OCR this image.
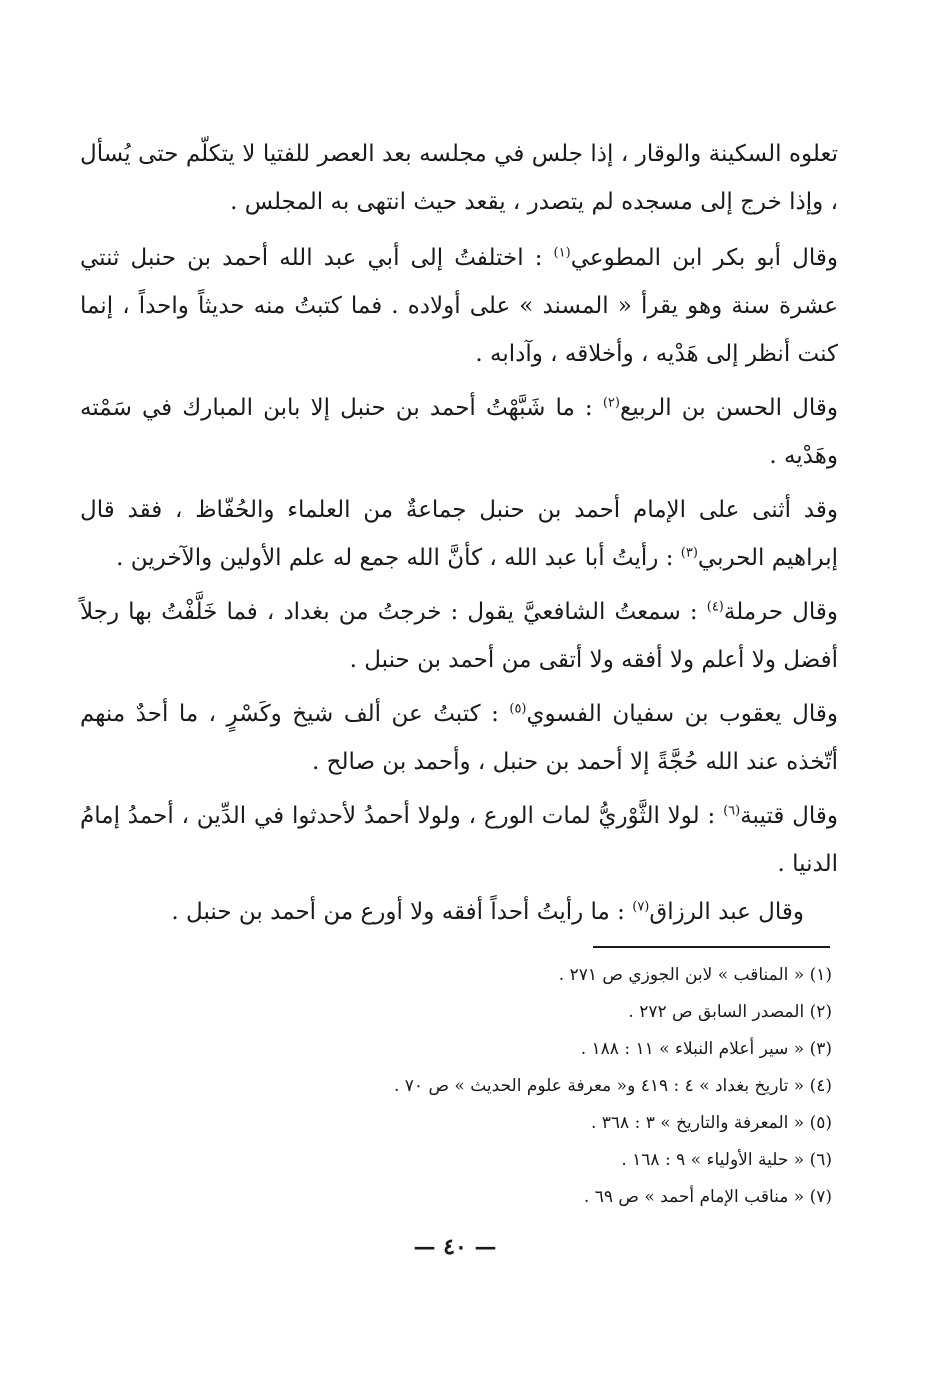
تعلوه السكينة والوقار ، إذا جلس في مجلسه بعد العصر للفتيا لا يتكلّم حتى يُسأل ، وإذا خرج إلى مسجده لم يتصدر ، يقعد حيث انتهى به المجلس .

وقال أبو بكر ابن المطوعي$^{(١)}$ : اختلفتُ إلى أبي عبد الله أحمد بن حنبل ثنتي عشرة سنة وهو يقرأ « المسند » على أولاده . فما كتبتُ منه حديثاً واحداً ، إنما كنت أنظر إلى هَدْيه ، وأخلاقه ، وآدابه .

وقال الحسن بن الربيع$^{(٢)}$ : ما شَبَّهْتُ أحمد بن حنبل إلا بابن المبارك في سَمْته وهَدْيه .

وقد أثنى على الإمام أحمد بن حنبل جماعةٌ من العلماء والحُفّاظ ، فقد قال إبراهيم الحربي$^{(٣)}$ : رأيتُ أبا عبد الله ، كأنَّ الله جمع له علم الأولين والآخرين .

وقال حرملة$^{(٤)}$ : سمعتُ الشافعيَّ يقول : خرجتُ من بغداد ، فما خَلَّفْتُ بها رجلاً أفضل ولا أعلم ولا أفقه ولا أتقى من أحمد بن حنبل .

وقال يعقوب بن سفيان الفسوي$^{(٥)}$ : كتبتُ عن ألف شيخ وكَسْرٍ ، ما أحدٌ منهم أتّخذه عند الله حُجَّةً إلا أحمد بن حنبل ، وأحمد بن صالح .

وقال قتيبة$^{(٦)}$ : لولا الثَّوْريُّ لمات الورع ، ولولا أحمدُ لأحدثوا في الدِّين ، أحمدُ إمامُ الدنيا .

وقال عبد الرزاق$^{(٧)}$ : ما رأيتُ أحداً أفقه ولا أورع من أحمد بن حنبل .

(١) « المناقب » لابن الجوزي ص ٢٧١ .

(٢) المصدر السابق ص ٢٧٢ .

(٣) « سير أعلام النبلاء » ١١ : ١٨٨ .

(٤) « تاريخ بغداد » ٤ : ٤١٩ و« معرفة علوم الحديث » ص ٧٠ .

(٥) « المعرفة والتاريخ » ٣ : ٣٦٨ .

(٦) « حلية الأولياء » ٩ : ١٦٨ .

(٧) « مناقب الإمام أحمد » ص ٦٩ .

— ٤٠ —
